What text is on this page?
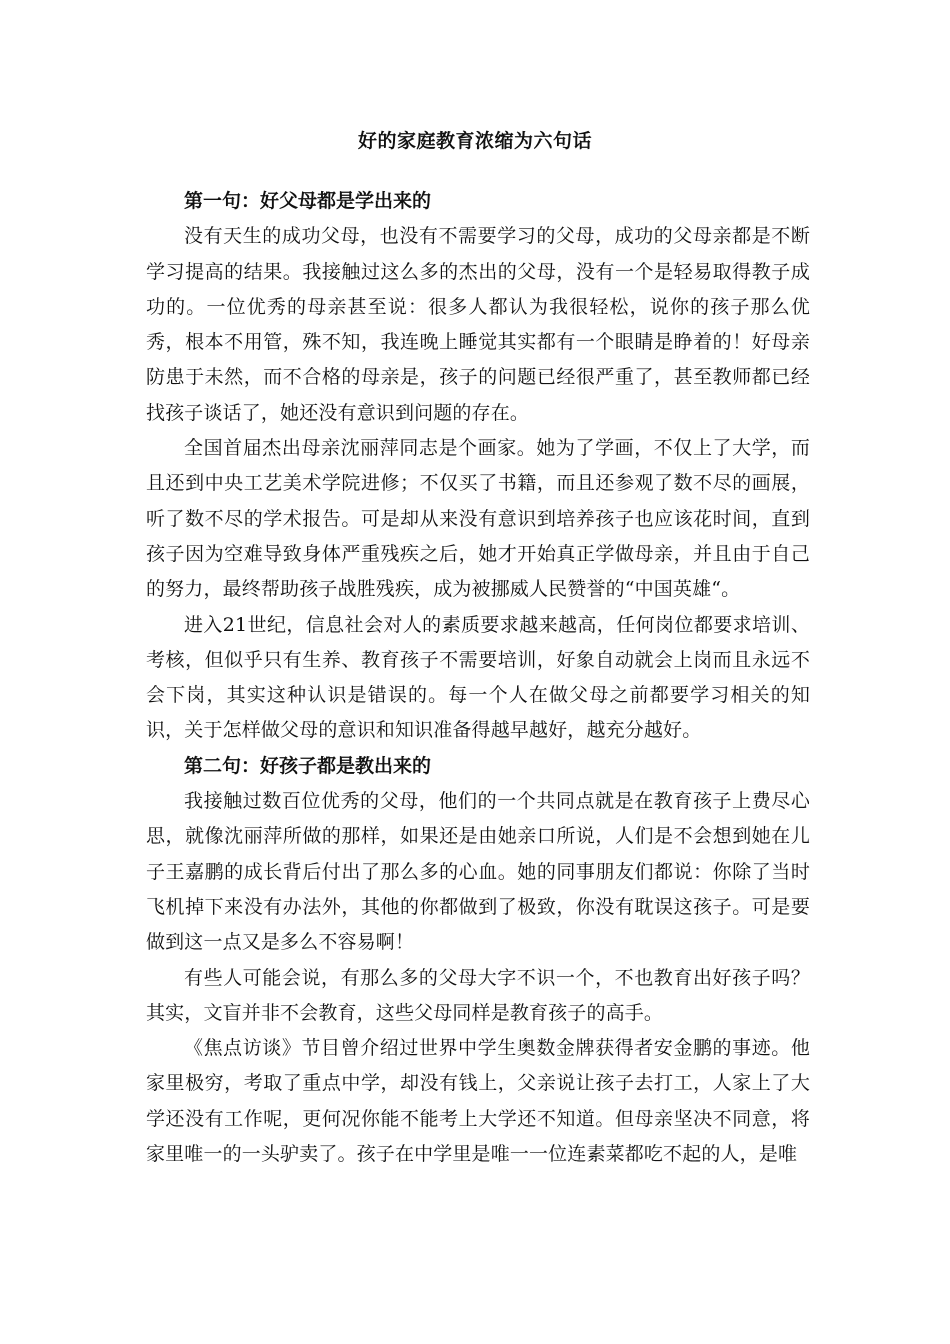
好的家庭教育浓缩为六句话

第一句：好父母都是学出来的

没有天生的成功父母，也没有不需要学习的父母，成功的父母亲都是不断学习提高的结果。我接触过这么多的杰出的父母，没有一个是轻易取得教子成功的。一位优秀的母亲甚至说：很多人都认为我很轻松，说你的孩子那么优秀，根本不用管，殊不知，我连晚上睡觉其实都有一个眼睛是睁着的！好母亲防患于未然，而不合格的母亲是，孩子的问题已经很严重了，甚至教师都已经找孩子谈话了，她还没有意识到问题的存在。

全国首届杰出母亲沈丽萍同志是个画家。她为了学画，不仅上了大学，而且还到中央工艺美术学院进修；不仅买了书籍，而且还参观了数不尽的画展，听了数不尽的学术报告。可是却从来没有意识到培养孩子也应该花时间，直到孩子因为空难导致身体严重残疾之后，她才开始真正学做母亲，并且由于自己的努力，最终帮助孩子战胜残疾，成为被挪威人民赞誉的“中国英雄“。

进入21世纪，信息社会对人的素质要求越来越高，任何岗位都要求培训、考核，但似乎只有生养、教育孩子不需要培训，好象自动就会上岗而且永远不会下岗，其实这种认识是错误的。每一个人在做父母之前都要学习相关的知识，关于怎样做父母的意识和知识准备得越早越好，越充分越好。

第二句：好孩子都是教出来的

我接触过数百位优秀的父母，他们的一个共同点就是在教育孩子上费尽心思，就像沈丽萍所做的那样，如果还是由她亲口所说，人们是不会想到她在儿子王嘉鹏的成长背后付出了那么多的心血。她的同事朋友们都说：你除了当时飞机掉下来没有办法外，其他的你都做到了极致，你没有耽误这孩子。可是要做到这一点又是多么不容易啊！

有些人可能会说，有那么多的父母大字不识一个，不也教育出好孩子吗？其实，文盲并非不会教育，这些父母同样是教育孩子的高手。

《焦点访谈》节目曾介绍过世界中学生奥数金牌获得者安金鹏的事迹。他家里极穷，考取了重点中学，却没有钱上，父亲说让孩子去打工，人家上了大学还没有工作呢，更何况你能不能考上大学还不知道。但母亲坚决不同意，将家里唯一的一头驴卖了。孩子在中学里是唯一一位连素菜都吃不起的人，是唯
